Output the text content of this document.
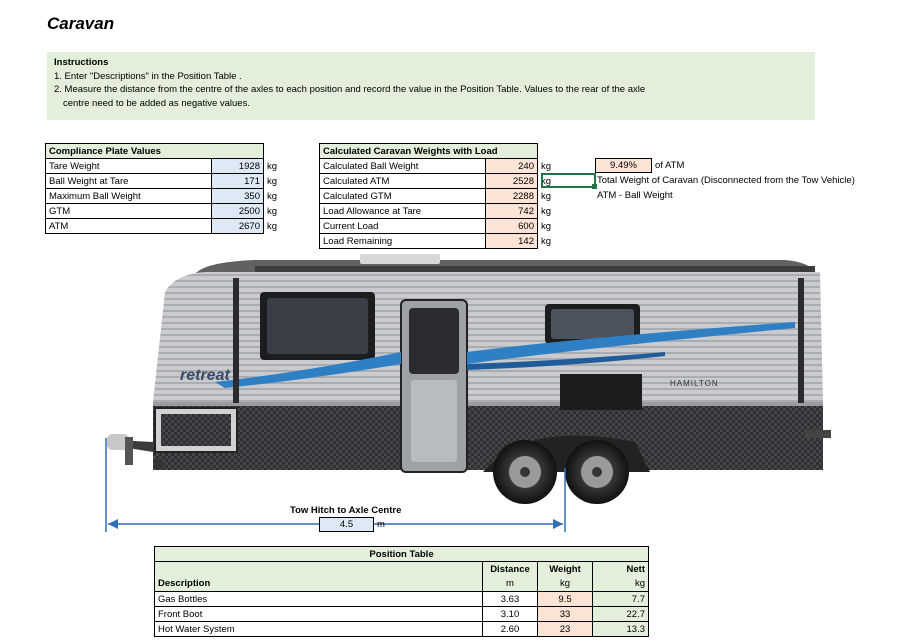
Caravan
Instructions
1. Enter "Descriptions" in the Position Table .
2. Measure the distance from the centre of the axles to each position and record the value in the Position Table. Values to the rear of the axle
centre need to be added as negative values.
Compliance Plate Values		
Tare Weight	1928	kg
Ball Weight at Tare	171	kg
Maximum Ball Weight	350	kg
GTM	2500	kg
ATM	2670	kg
Calculated Caravan Weights with Load		
Calculated Ball Weight	240	kg
Calculated ATM	2528	kg
Calculated GTM	2288	kg
Load Allowance at Tare	742	kg
Current Load	600	kg
Load Remaining	142	kg
9.49%	of ATM
Total Weight of Caravan (Disconnected from the Tow Vehicle)
ATM - Ball Weight
retreat	HAMILTON
Tow Hitch to Axle Centre
4.5	m
Position Table			
	Distance	Weight	Nett
Description	m	kg	kg
Gas Bottles	3.63	9.5	7.7
Front Boot	3.10	33	22.7
Hot Water System	2.60	23	13.3
